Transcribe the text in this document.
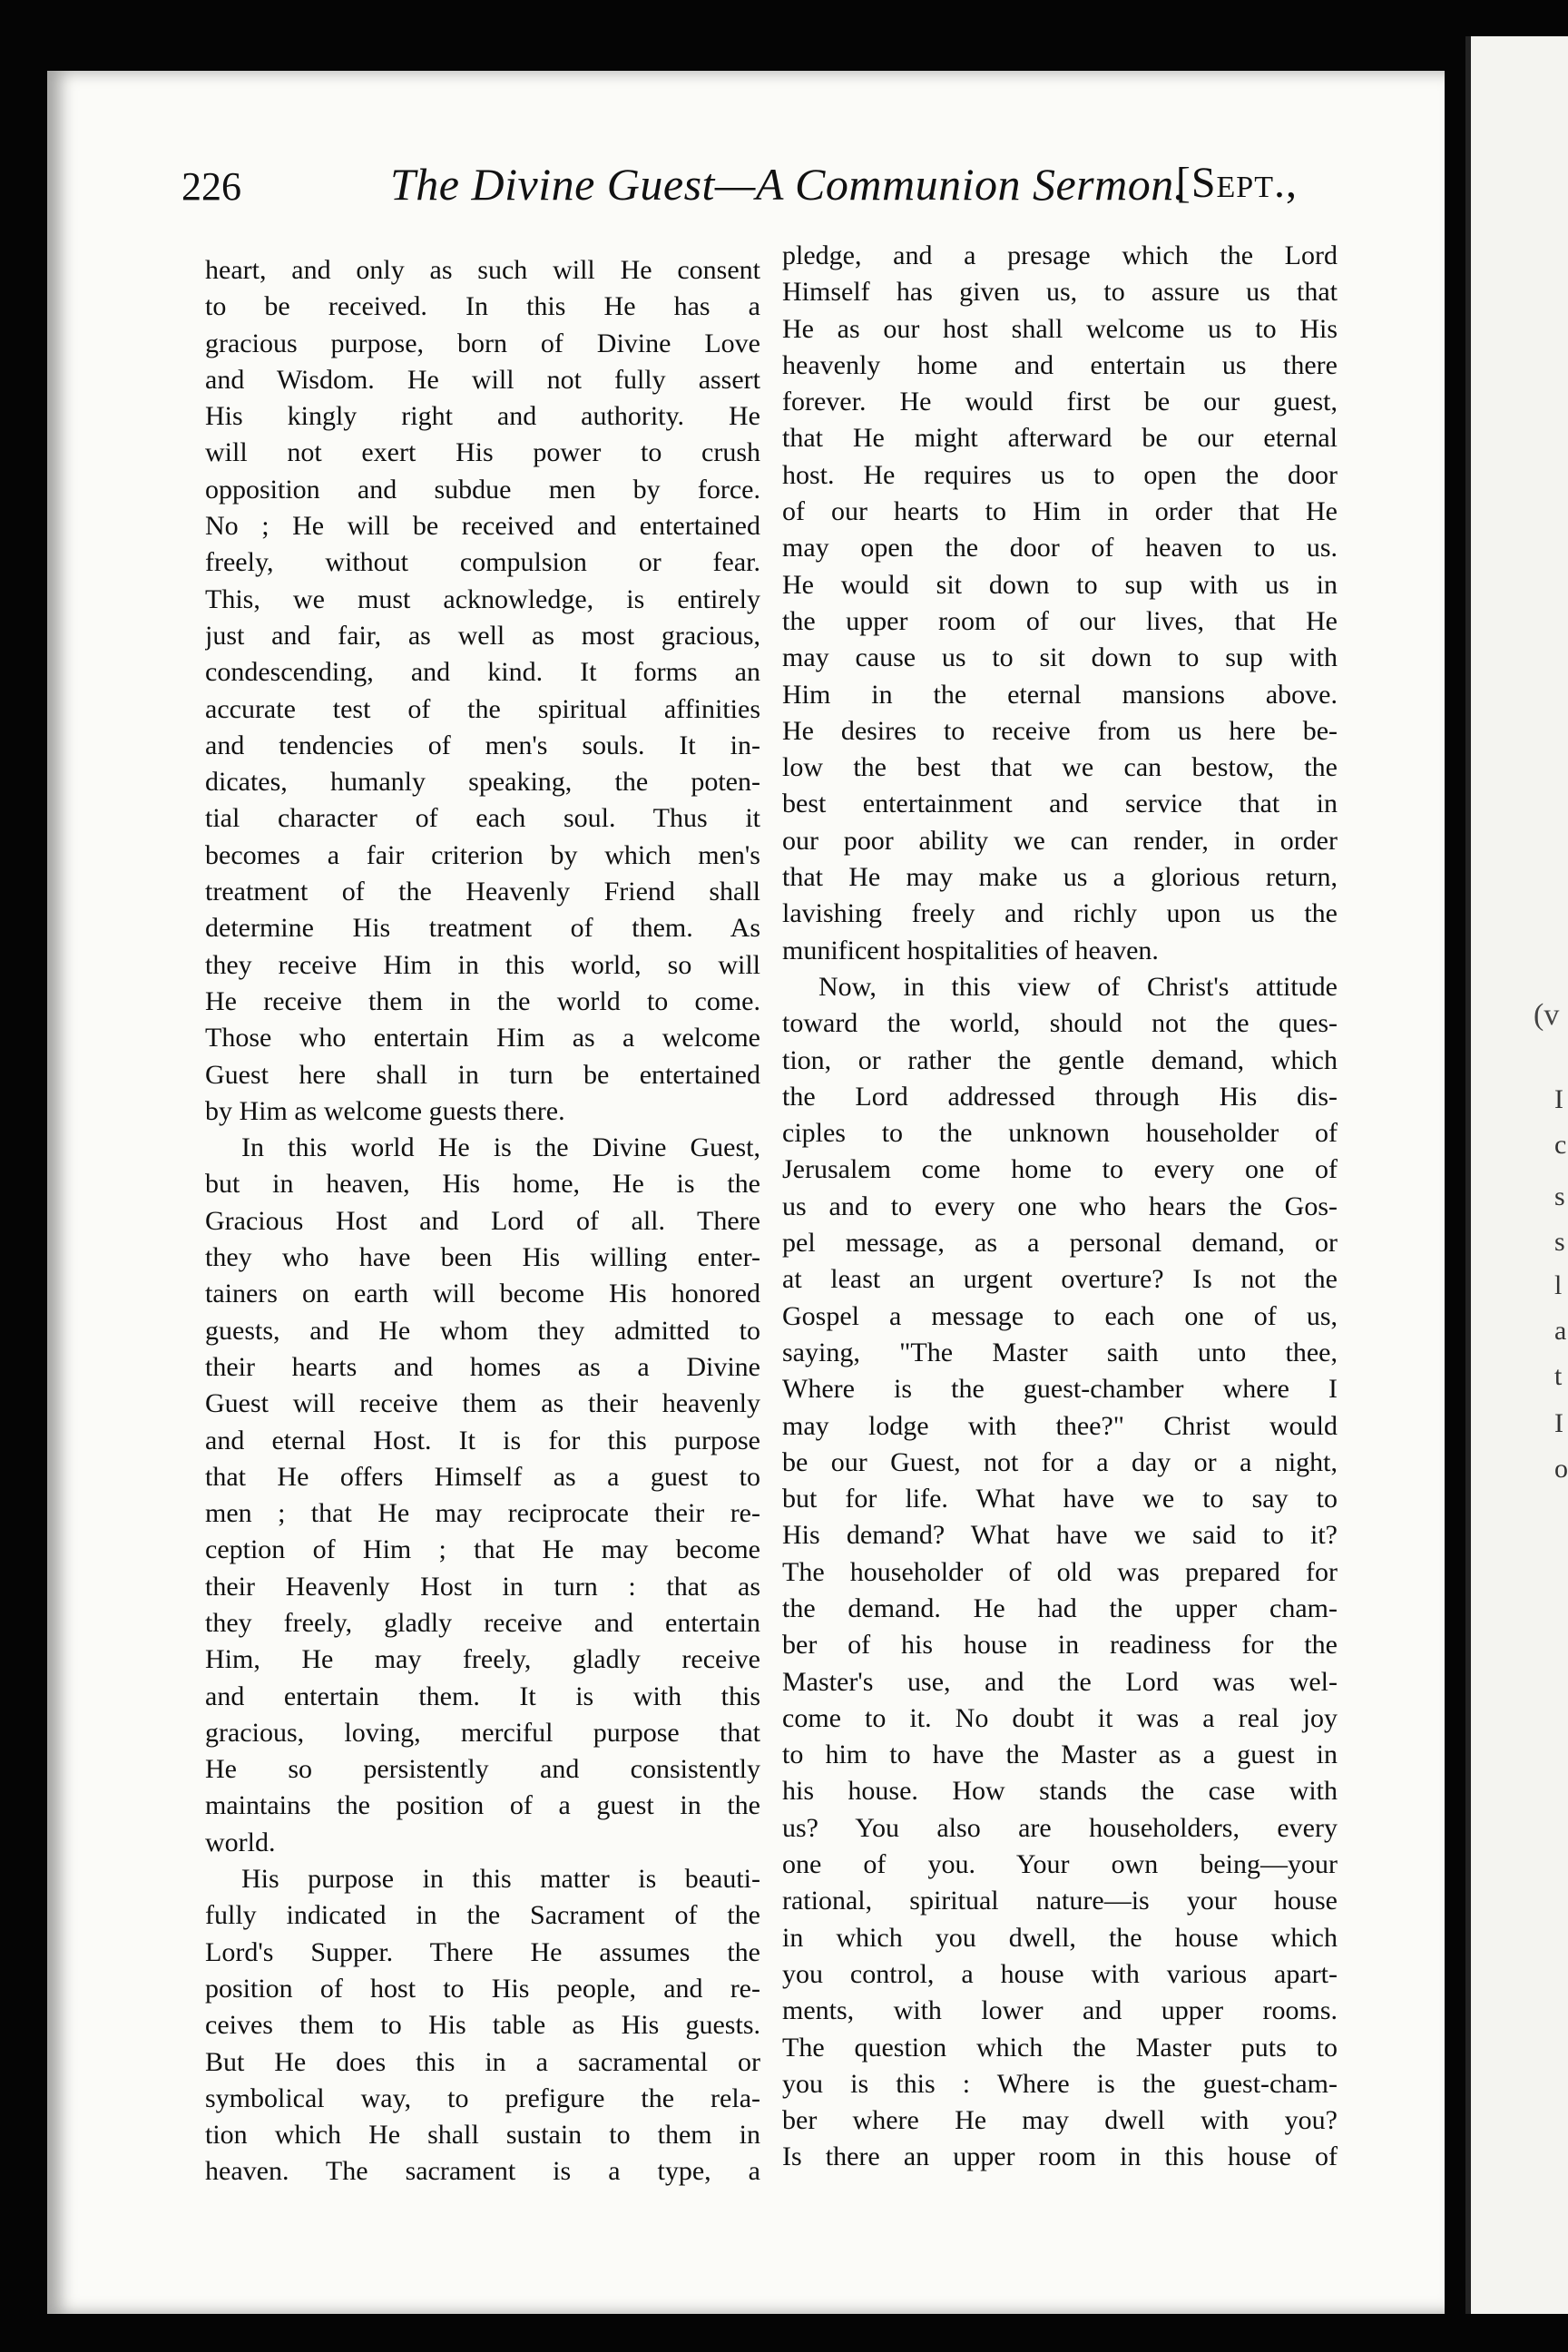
I
c
s
s
l
a
t
I
o
(v
226	The Divine Guest—A Communion Sermon.
[Sept.,
heart, and only as such will He consent
to be received. In this He has a
gracious purpose, born of Divine Love
and Wisdom. He will not fully assert
His kingly right and authority. He
will not exert His power to crush
opposition and subdue men by force.
No ; He will be received and entertained
freely, without compulsion or fear.
This, we must acknowledge, is entirely
just and fair, as well as most gracious,
condescending, and kind. It forms an
accurate test of the spiritual affinities
and tendencies of men's souls. It in-
dicates, humanly speaking, the poten-
tial character of each soul. Thus it
becomes a fair criterion by which men's
treatment of the Heavenly Friend shall
determine His treatment of them. As
they receive Him in this world, so will
He receive them in the world to come.
Those who entertain Him as a welcome
Guest here shall in turn be entertained
by Him as welcome guests there.
In this world He is the Divine Guest,
but in heaven, His home, He is the
Gracious Host and Lord of all. There
they who have been His willing enter-
tainers on earth will become His honored
guests, and He whom they admitted to
their hearts and homes as a Divine
Guest will receive them as their heavenly
and eternal Host. It is for this purpose
that He offers Himself as a guest to
men ; that He may reciprocate their re-
ception of Him ; that He may become
their Heavenly Host in turn : that as
they freely, gladly receive and entertain
Him, He may freely, gladly receive
and entertain them. It is with this
gracious, loving, merciful purpose that
He so persistently and consistently
maintains the position of a guest in the
world.
His purpose in this matter is beauti-
fully indicated in the Sacrament of the
Lord's Supper. There He assumes the
position of host to His people, and re-
ceives them to His table as His guests.
But He does this in a sacramental or
symbolical way, to prefigure the rela-
tion which He shall sustain to them in
heaven. The sacrament is a type, a
pledge, and a presage which the Lord
Himself has given us, to assure us that
He as our host shall welcome us to His
heavenly home and entertain us there
forever. He would first be our guest,
that He might afterward be our eternal
host. He requires us to open the door
of our hearts to Him in order that He
may open the door of heaven to us.
He would sit down to sup with us in
the upper room of our lives, that He
may cause us to sit down to sup with
Him in the eternal mansions above.
He desires to receive from us here be-
low the best that we can bestow, the
best entertainment and service that in
our poor ability we can render, in order
that He may make us a glorious return,
lavishing freely and richly upon us the
munificent hospitalities of heaven.
Now, in this view of Christ's attitude
toward the world, should not the ques-
tion, or rather the gentle demand, which
the Lord addressed through His dis-
ciples to the unknown householder of
Jerusalem come home to every one of
us and to every one who hears the Gos-
pel message, as a personal demand, or
at least an urgent overture? Is not the
Gospel a message to each one of us,
saying, "The Master saith unto thee,
Where is the guest-chamber where I
may lodge with thee?" Christ would
be our Guest, not for a day or a night,
but for life. What have we to say to
His demand? What have we said to it?
The householder of old was prepared for
the demand. He had the upper cham-
ber of his house in readiness for the
Master's use, and the Lord was wel-
come to it. No doubt it was a real joy
to him to have the Master as a guest in
his house. How stands the case with
us? You also are householders, every
one of you. Your own being—your
rational, spiritual nature—is your house
in which you dwell, the house which
you control, a house with various apart-
ments, with lower and upper rooms.
The question which the Master puts to
you is this : Where is the guest-cham-
ber where He may dwell with you?
Is there an upper room in this house of
